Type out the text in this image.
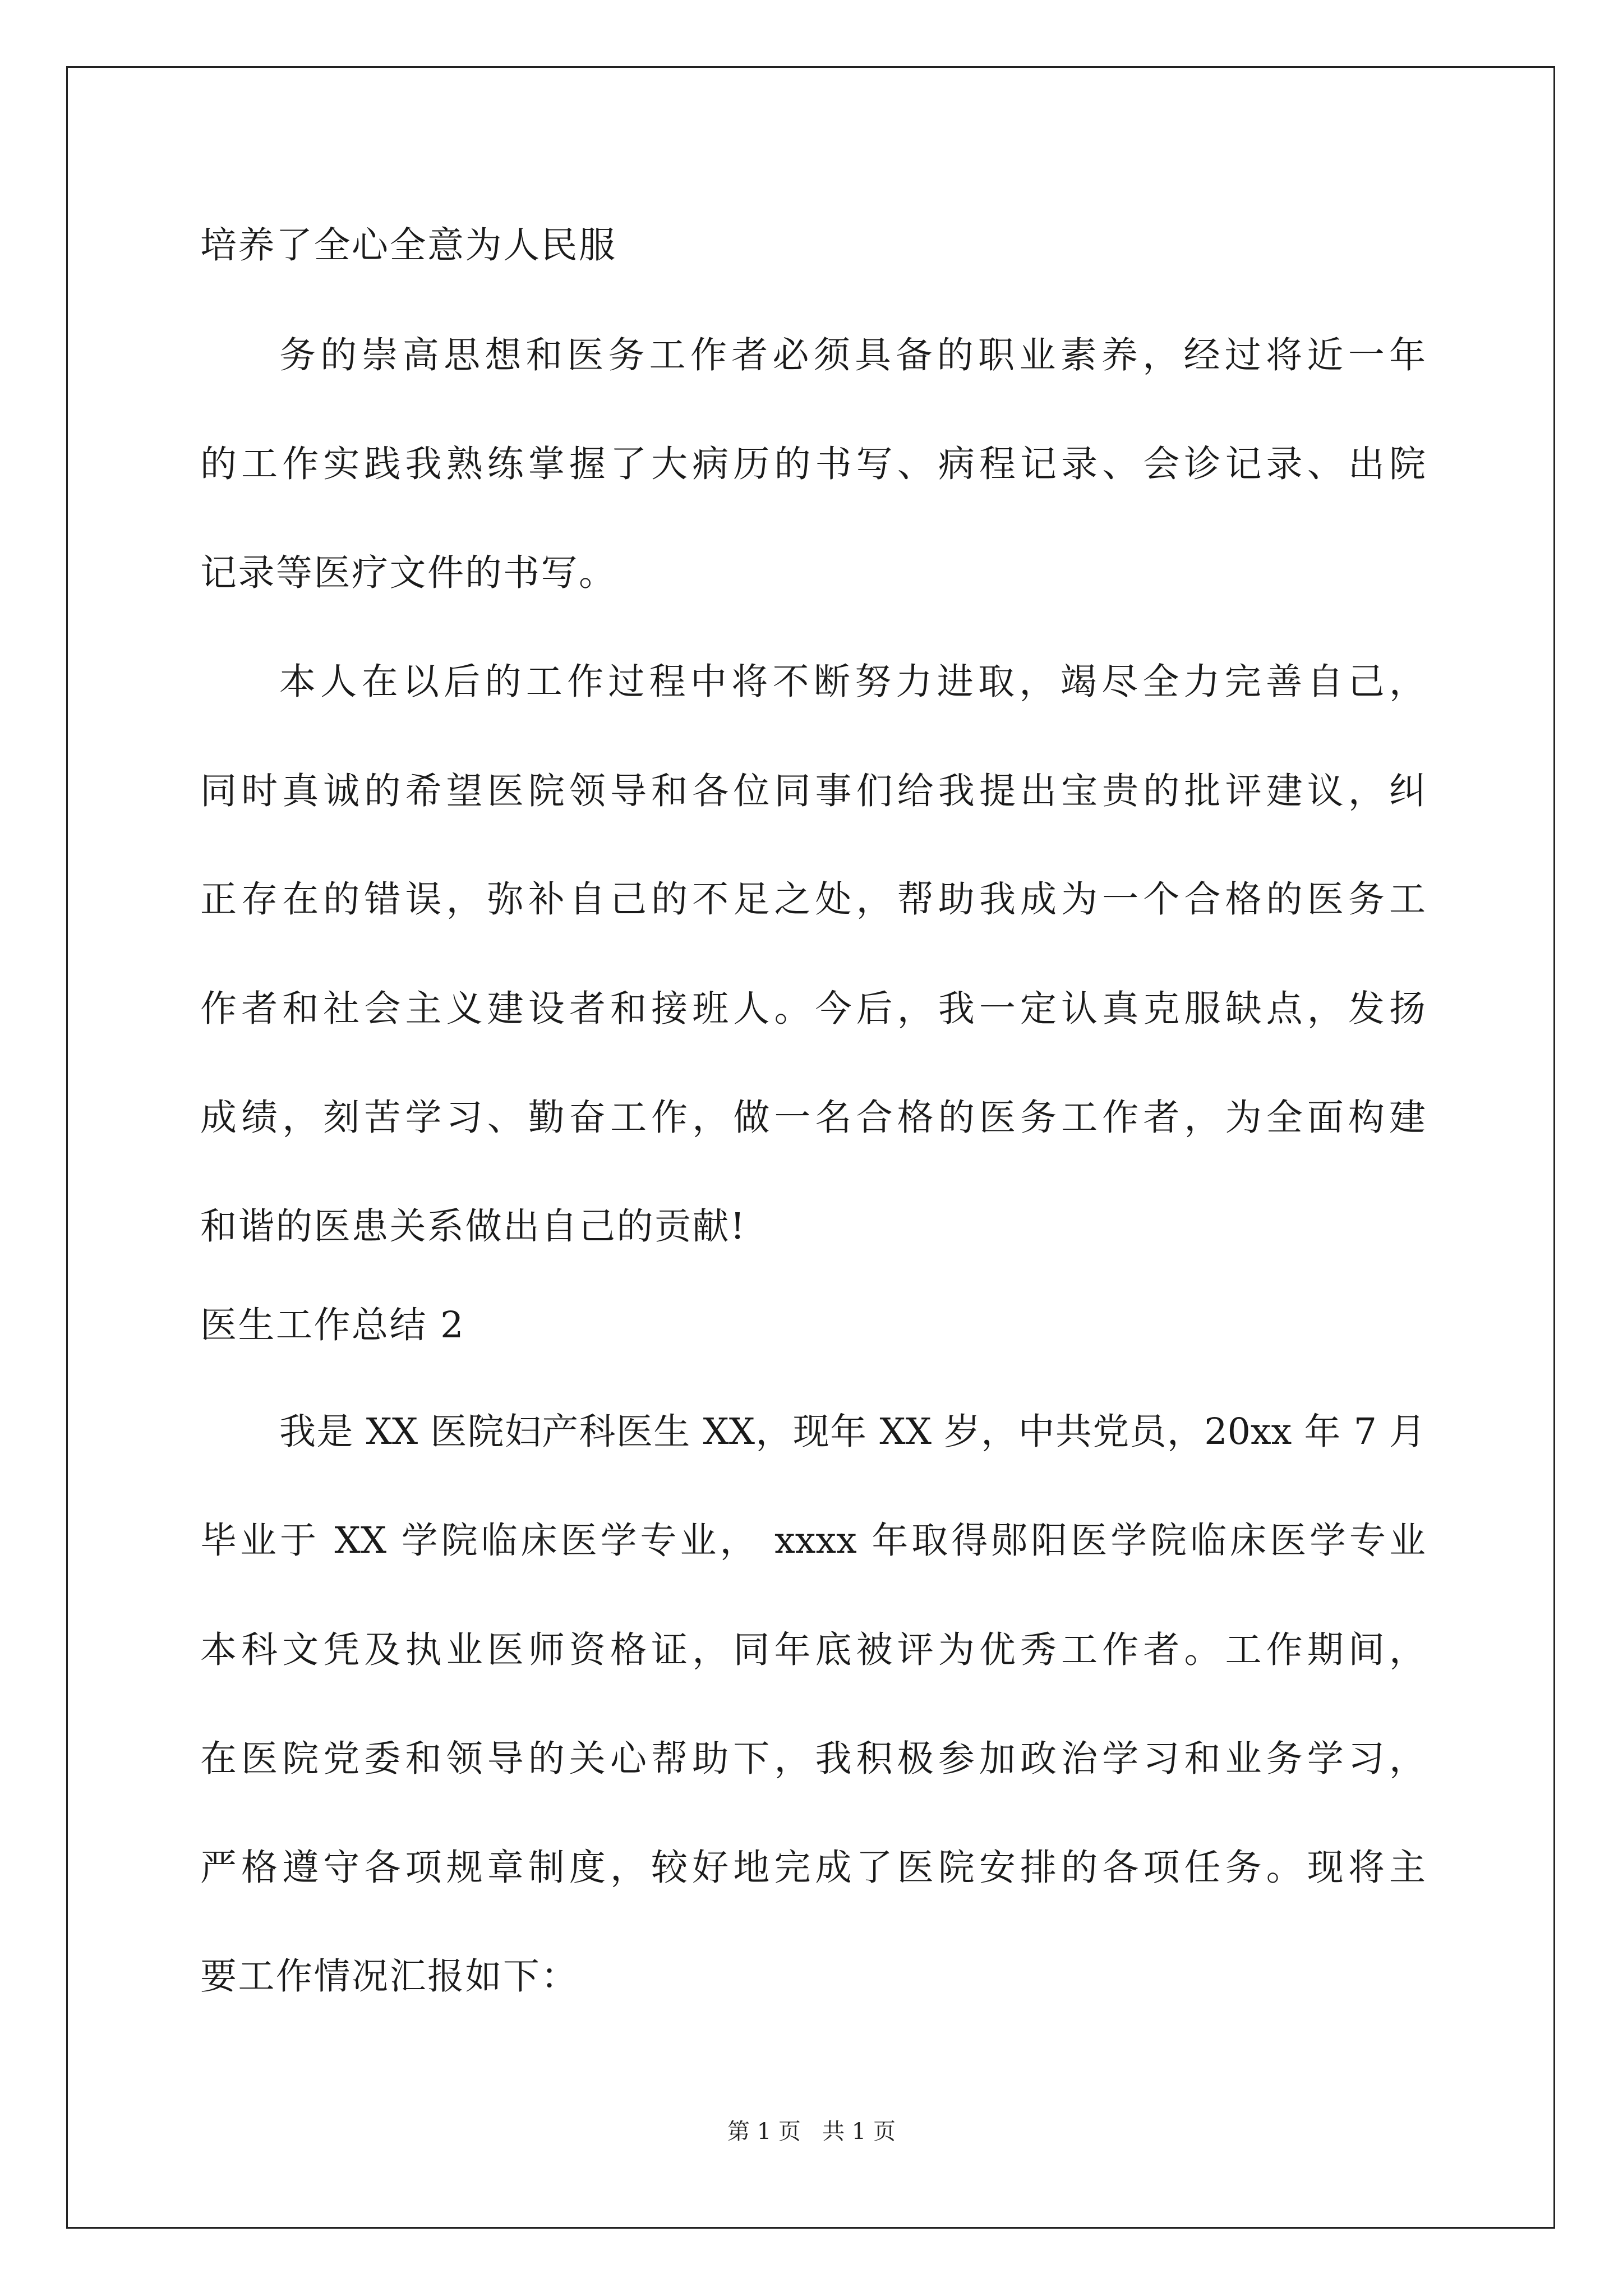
培养了全心全意为人民服
务的崇高思想和医务工作者必须具备的职业素养，经过将近一年
的工作实践我熟练掌握了大病历的书写、病程记录、会诊记录、出院
记录等医疗文件的书写。
本人在以后的工作过程中将不断努力进取，竭尽全力完善自己，
同时真诚的希望医院领导和各位同事们给我提出宝贵的批评建议，纠
正存在的错误，弥补自己的不足之处，帮助我成为一个合格的医务工
作者和社会主义建设者和接班人。今后，我一定认真克服缺点，发扬
成绩，刻苦学习、勤奋工作，做一名合格的医务工作者，为全面构建
和谐的医患关系做出自己的贡献!
医生工作总结 2
我是 XX 医院妇产科医生 XX，现年 XX 岁，中共党员，20xx 年 7 月
毕业于 XX 学院临床医学专业， xxxx 年取得郧阳医学院临床医学专业
本科文凭及执业医师资格证，同年底被评为优秀工作者。工作期间，
在医院党委和领导的关心帮助下，我积极参加政治学习和业务学习，
严格遵守各项规章制度，较好地完成了医院安排的各项任务。现将主
要工作情况汇报如下：
第 1 页   共 1 页
